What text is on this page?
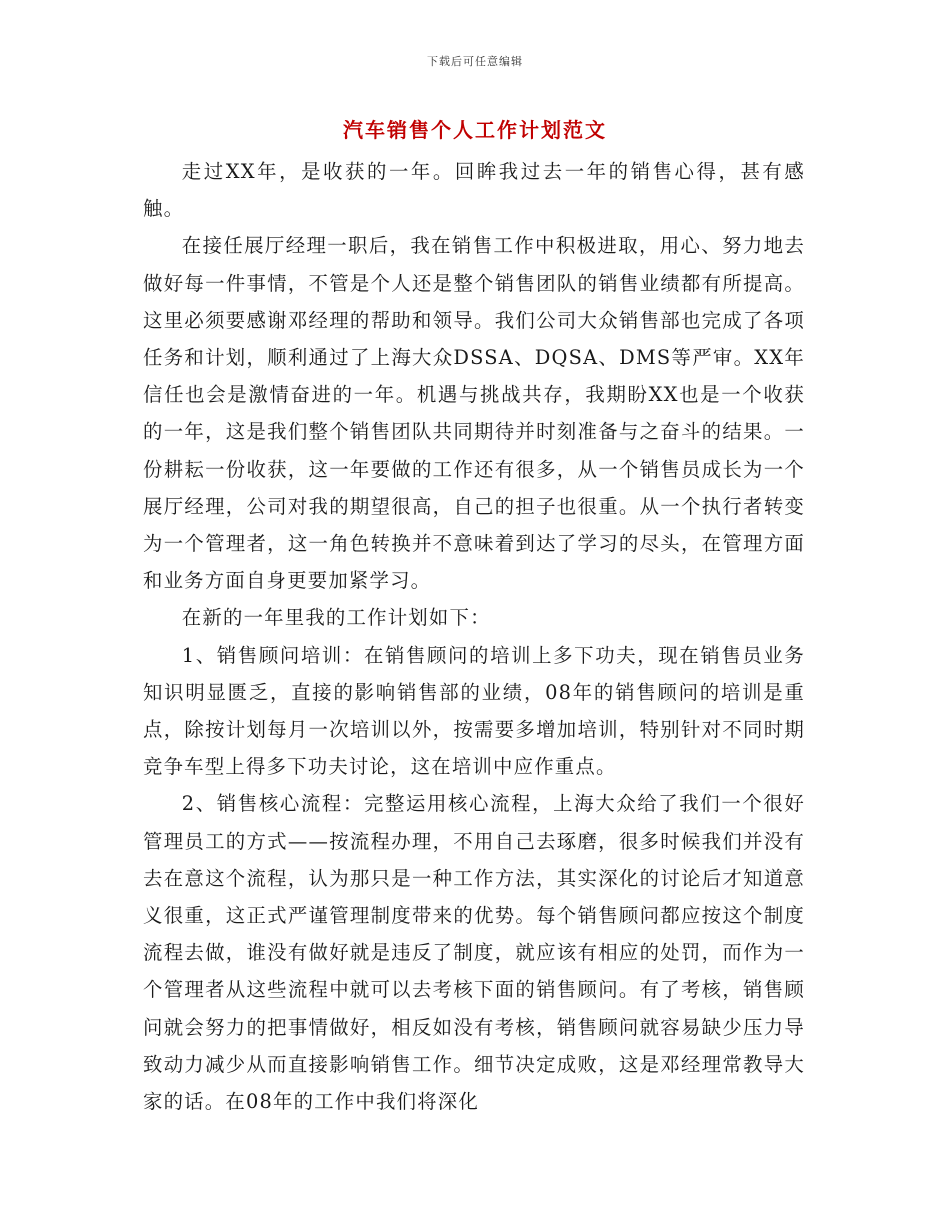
下载后可任意编辑
汽车销售个人工作计划范文

走过XX年，是收获的一年。回眸我过去一年的销售心得，甚有感触。

在接任展厅经理一职后，我在销售工作中积极进取，用心、努力地去做好每一件事情，不管是个人还是整个销售团队的销售业绩都有所提高。这里必须要感谢邓经理的帮助和领导。我们公司大众销售部也完成了各项任务和计划，顺利通过了上海大众DSSA、DQSA、DMS等严审。XX年信任也会是激情奋进的一年。机遇与挑战共存，我期盼XX也是一个收获的一年，这是我们整个销售团队共同期待并时刻准备与之奋斗的结果。一份耕耘一份收获，这一年要做的工作还有很多，从一个销售员成长为一个展厅经理，公司对我的期望很高，自己的担子也很重。从一个执行者转变为一个管理者，这一角色转换并不意味着到达了学习的尽头，在管理方面和业务方面自身更要加紧学习。

在新的一年里我的工作计划如下：

1、销售顾问培训：在销售顾问的培训上多下功夫，现在销售员业务知识明显匮乏，直接的影响销售部的业绩，08年的销售顾问的培训是重点，除按计划每月一次培训以外，按需要多增加培训，特别针对不同时期竞争车型上得多下功夫讨论，这在培训中应作重点。

2、销售核心流程：完整运用核心流程，上海大众给了我们一个很好管理员工的方式——按流程办理，不用自己去琢磨，很多时候我们并没有去在意这个流程，认为那只是一种工作方法，其实深化的讨论后才知道意义很重，这正式严谨管理制度带来的优势。每个销售顾问都应按这个制度流程去做，谁没有做好就是违反了制度，就应该有相应的处罚，而作为一个管理者从这些流程中就可以去考核下面的销售顾问。有了考核，销售顾问就会努力的把事情做好，相反如没有考核，销售顾问就容易缺少压力导致动力减少从而直接影响销售工作。细节决定成败，这是邓经理常教导大家的话。在08年的工作中我们将深化
